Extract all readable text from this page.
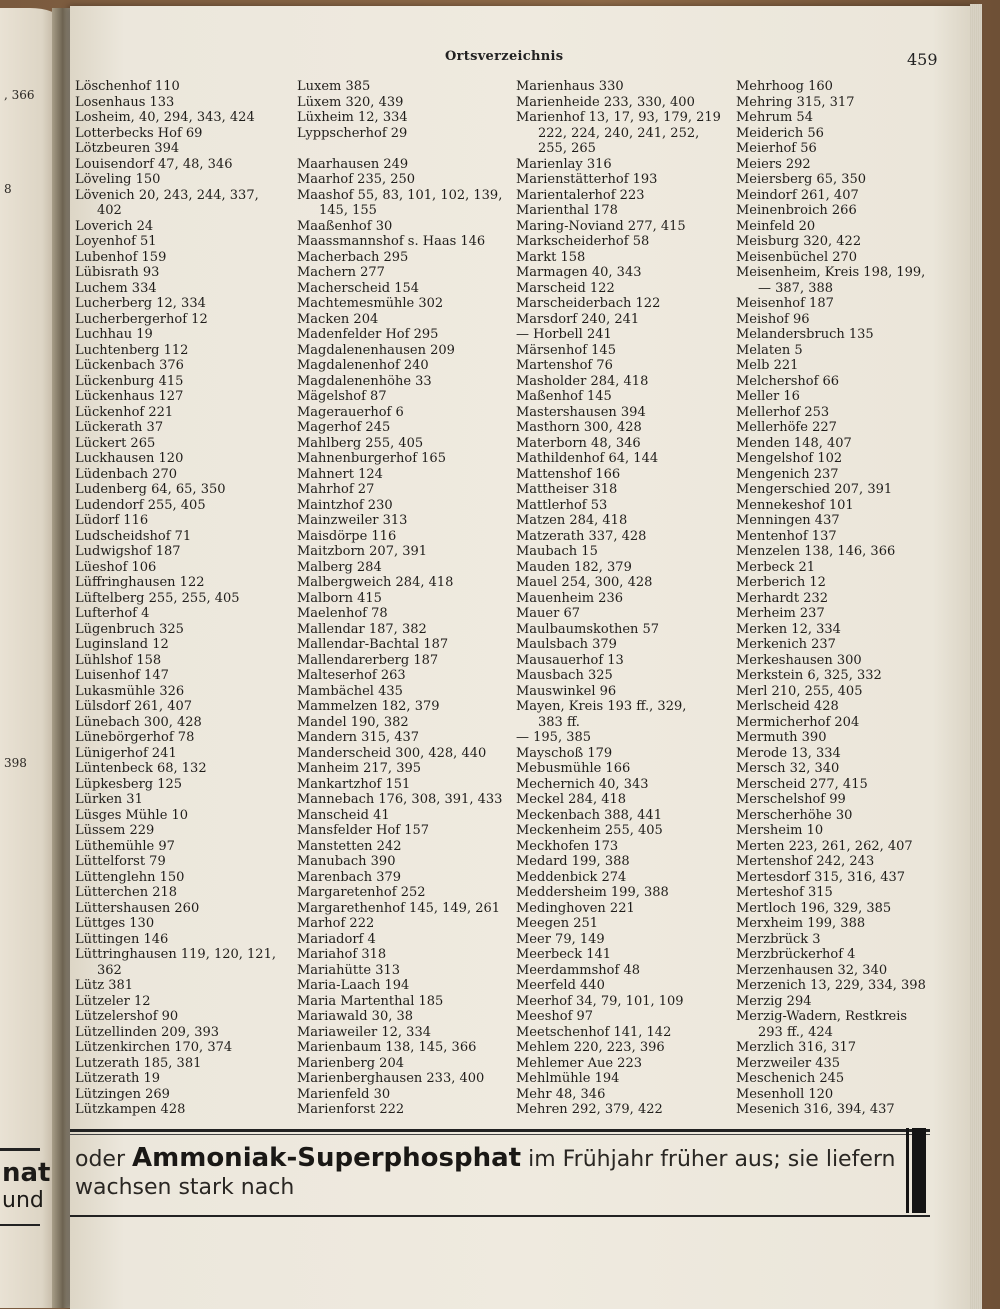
, 366
8
398
nat
und
Ortsverzeichnis	459
Löschenhof 110
Losenhaus 133
Losheim, 40, 294, 343, 424
Lotterbecks Hof 69
Lötzbeuren 394
Louisendorf 47, 48, 346
Löveling 150
Lövenich 20, 243, 244, 337,
402
Loverich 24
Loyenhof 51
Lubenhof 159
Lübisrath 93
Luchem 334
Lucherberg 12, 334
Lucherbergerhof 12
Luchhau 19
Luchtenberg 112
Lückenbach 376
Lückenburg 415
Lückenhaus 127
Lückenhof 221
Lückerath 37
Lückert 265
Luckhausen 120
Lüdenbach 270
Ludenberg 64, 65, 350
Ludendorf 255, 405
Lüdorf 116
Ludscheidshof 71
Ludwigshof 187
Lüeshof 106
Lüffringhausen 122
Lüftelberg 255, 255, 405
Lufterhof 4
Lügenbruch 325
Luginsland 12
Lühlshof 158
Luisenhof 147
Lukasmühle 326
Lülsdorf 261, 407
Lünebach 300, 428
Lünebörgerhof 78
Lünigerhof 241
Lüntenbeck 68, 132
Lüpkesberg 125
Lürken 31
Lüsges Mühle 10
Lüssem 229
Lüthemühle 97
Lüttelforst 79
Lüttenglehn 150
Lütterchen 218
Lüttershausen 260
Lüttges 130
Lüttingen 146
Lüttringhausen 119, 120, 121,
362
Lütz 381
Lützeler 12
Lützelershof 90
Lützellinden 209, 393
Lützenkirchen 170, 374
Lutzerath 185, 381
Lützerath 19
Lützingen 269
Lützkampen 428
Luxem 385
Lüxem 320, 439
Lüxheim 12, 334
Lyppscherhof 29
Maarhausen 249
Maarhof 235, 250
Maashof 55, 83, 101, 102, 139,
145, 155
Maaßenhof 30
Maassmannshof s. Haas 146
Macherbach 295
Machern 277
Macherscheid 154
Machtemesmühle 302
Macken 204
Madenfelder Hof 295
Magdalenenhausen 209
Magdalenenhof 240
Magdalenenhöhe 33
Mägelshof 87
Magerauerhof 6
Magerhof 245
Mahlberg 255, 405
Mahnenburgerhof 165
Mahnert 124
Mahrhof 27
Maintzhof 230
Mainzweiler 313
Maisdörpe 116
Maitzborn 207, 391
Malberg 284
Malbergweich 284, 418
Malborn 415
Maelenhof 78
Mallendar 187, 382
Mallendar-Bachtal 187
Mallendarerberg 187
Malteserhof 263
Mambächel 435
Mammelzen 182, 379
Mandel 190, 382
Mandern 315, 437
Manderscheid 300, 428, 440
Manheim 217, 395
Mankartzhof 151
Mannebach 176, 308, 391, 433
Manscheid 41
Mansfelder Hof 157
Manstetten 242
Manubach 390
Marenbach 379
Margaretenhof 252
Margarethenhof 145, 149, 261
Marhof 222
Mariadorf 4
Mariahof 318
Mariahütte 313
Maria-Laach 194
Maria Martenthal 185
Mariawald 30, 38
Mariaweiler 12, 334
Marienbaum 138, 145, 366
Marienberg 204
Marienberghausen 233, 400
Marienfeld 30
Marienforst 222
Marienhaus 330
Marienheide 233, 330, 400
Marienhof 13, 17, 93, 179, 219
222, 224, 240, 241, 252,
255, 265
Marienlay 316
Marienstätterhof 193
Marientalerhof 223
Marienthal 178
Maring-Noviand 277, 415
Markscheiderhof 58
Markt 158
Marmagen 40, 343
Marscheid 122
Marscheiderbach 122
Marsdorf 240, 241
— Horbell 241
Märsenhof 145
Martenshof 76
Masholder 284, 418
Maßenhof 145
Mastershausen 394
Masthorn 300, 428
Materborn 48, 346
Mathildenhof 64, 144
Mattenshof 166
Mattheiser 318
Mattlerhof 53
Matzen 284, 418
Matzerath 337, 428
Maubach 15
Mauden 182, 379
Mauel 254, 300, 428
Mauenheim 236
Mauer 67
Maulbaumskothen 57
Maulsbach 379
Mausauerhof 13
Mausbach 325
Mauswinkel 96
Mayen, Kreis 193 ff., 329,
383 ff.
— 195, 385
Mayschoß 179
Mebusmühle 166
Mechernich 40, 343
Meckel 284, 418
Meckenbach 388, 441
Meckenheim 255, 405
Meckhofen 173
Medard 199, 388
Meddenbick 274
Meddersheim 199, 388
Medinghoven 221
Meegen 251
Meer 79, 149
Meerbeck 141
Meerdammshof 48
Meerfeld 440
Meerhof 34, 79, 101, 109
Meeshof 97
Meetschenhof 141, 142
Mehlem 220, 223, 396
Mehlemer Aue 223
Mehlmühle 194
Mehr 48, 346
Mehren 292, 379, 422
Mehrhoog 160
Mehring 315, 317
Mehrum 54
Meiderich 56
Meierhof 56
Meiers 292
Meiersberg 65, 350
Meindorf 261, 407
Meinenbroich 266
Meinfeld 20
Meisburg 320, 422
Meisenbüchel 270
Meisenheim, Kreis 198, 199,
— 387, 388
Meisenhof 187
Meishof 96
Melandersbruch 135
Melaten 5
Melb 221
Melchershof 66
Meller 16
Mellerhof 253
Mellerhöfe 227
Menden 148, 407
Mengelshof 102
Mengenich 237
Mengerschied 207, 391
Mennekeshof 101
Menningen 437
Mentenhof 137
Menzelen 138, 146, 366
Merbeck 21
Merberich 12
Merhardt 232
Merheim 237
Merken 12, 334
Merkenich 237
Merkeshausen 300
Merkstein 6, 325, 332
Merl 210, 255, 405
Merlscheid 428
Mermicherhof 204
Mermuth 390
Merode 13, 334
Mersch 32, 340
Merscheid 277, 415
Merschelshof 99
Merscherhöhe 30
Mersheim 10
Merten 223, 261, 262, 407
Mertenshof 242, 243
Mertesdorf 315, 316, 437
Merteshof 315
Mertloch 196, 329, 385
Merxheim 199, 388
Merzbrück 3
Merzbrückerhof 4
Merzenhausen 32, 340
Merzenich 13, 229, 334, 398
Merzig 294
Merzig-Wadern, Restkreis
293 ff., 424
Merzlich 316, 317
Merzweiler 435
Meschenich 245
Mesenholl 120
Mesenich 316, 394, 437
oder Ammoniak-Superphosphat im Frühjahr früher aus; sie liefern
wachsen stark nach
